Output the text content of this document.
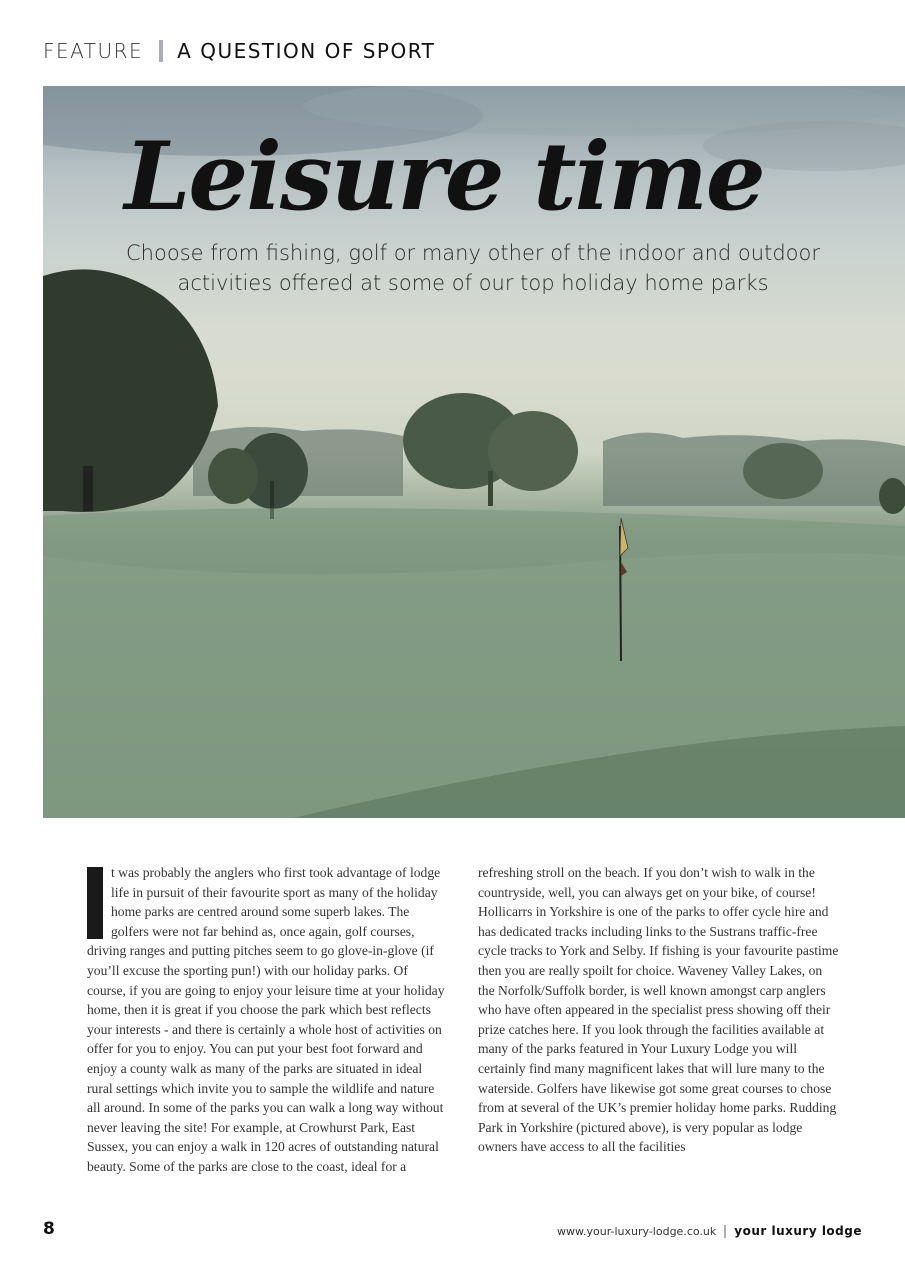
FEATURE A QUESTION OF SPORT
Leisure time
Choose from fishing, golf or many other of the indoor and outdoor activities offered at some of our top holiday home parks

t was probably the anglers who first took advantage of lodge life in pursuit of their favourite sport as many of the holiday home parks are centred around some superb lakes. The golfers were not far behind as, once again, golf courses, driving ranges and putting pitches seem to go glove-in-glove (if you’ll excuse the sporting pun!) with our holiday parks. Of course, if you are going to enjoy your leisure time at your holiday home, then it is great if you choose the park which best reflects your interests - and there is certainly a whole host of activities on offer for you to enjoy. You can put your best foot forward and enjoy a county walk as many of the parks are situated in ideal rural settings which invite you to sample the wildlife and nature all around. In some of the parks you can walk a long way without never leaving the site! For example, at Crowhurst Park, East Sussex, you can enjoy a walk in 120 acres of outstanding natural beauty. Some of the parks are close to the coast, ideal for a

refreshing stroll on the beach. If you don’t wish to walk in the countryside, well, you can always get on your bike, of course! Hollicarrs in Yorkshire is one of the parks to offer cycle hire and has dedicated tracks including links to the Sustrans traffic-free cycle tracks to York and Selby. If fishing is your favourite pastime then you are really spoilt for choice. Waveney Valley Lakes, on the Norfolk/Suffolk border, is well known amongst carp anglers who have often appeared in the specialist press showing off their prize catches here. If you look through the facilities available at many of the parks featured in Your Luxury Lodge you will certainly find many magnificent lakes that will lure many to the waterside. Golfers have likewise got some great courses to chose from at several of the UK’s premier holiday home parks. Rudding Park in Yorkshire (pictured above), is very popular as lodge owners have access to all the facilities

8	www.your-luxury-lodge.co.uk your luxury lodge
